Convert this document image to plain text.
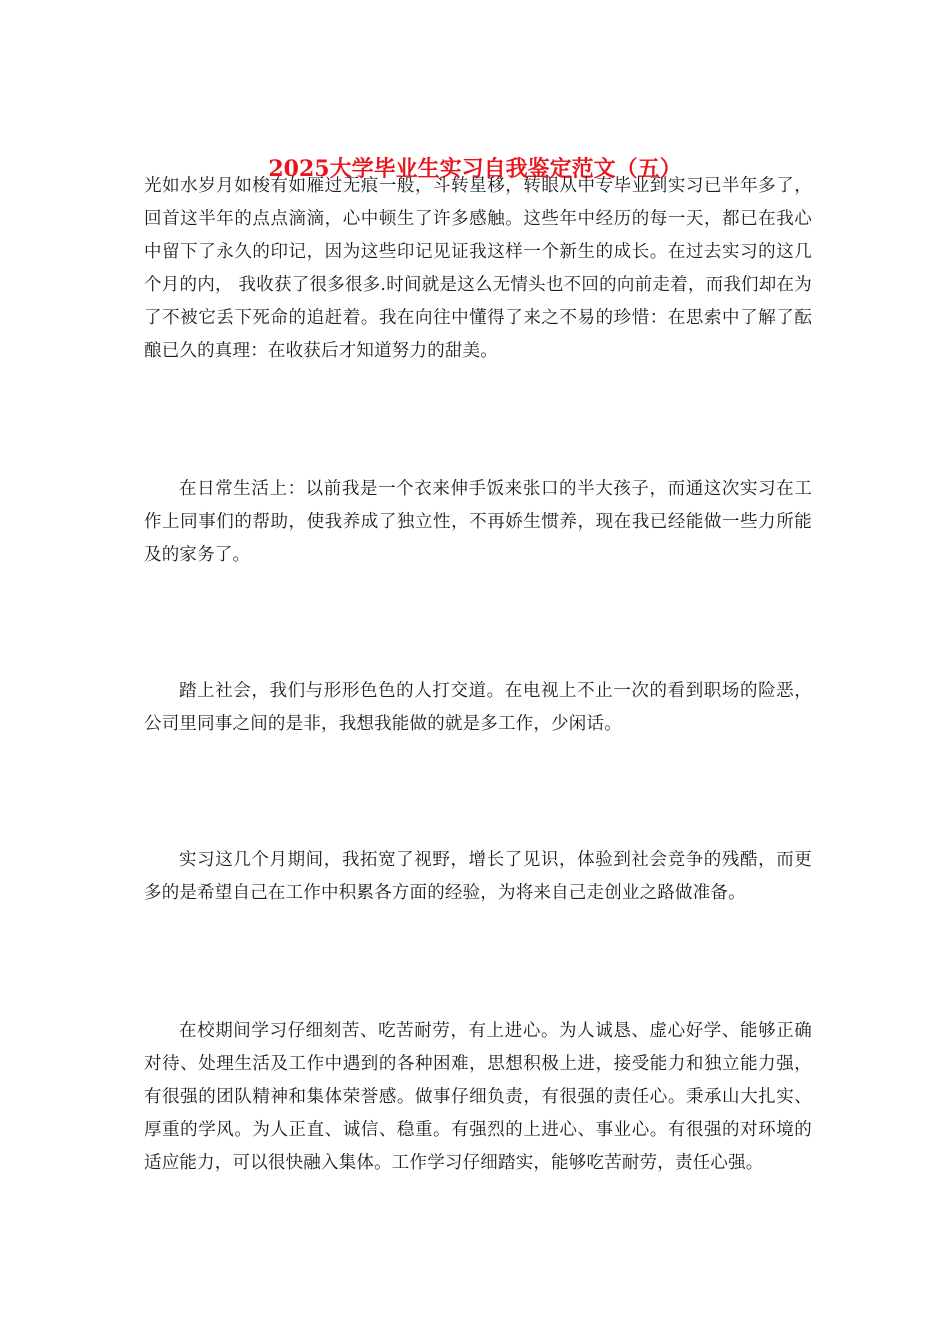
2025大学毕业生实习自我鉴定范文（五）

光如水岁月如梭有如雁过无痕一般，斗转星移，转眼从中专毕业到实习已半年多了，回首这半年的点点滴滴，心中顿生了许多感触。这些年中经历的每一天，都已在我心中留下了永久的印记，因为这些印记见证我这样一个新生的成长。在过去实习的这几个月的内， 我收获了很多很多.时间就是这么无情头也不回的向前走着，而我们却在为了不被它丢下死命的追赶着。我在向往中懂得了来之不易的珍惜：在思索中了解了酝酿已久的真理：在收获后才知道努力的甜美。

在日常生活上：以前我是一个衣来伸手饭来张口的半大孩子，而通这次实习在工作上同事们的帮助，使我养成了独立性，不再娇生惯养，现在我已经能做一些力所能及的家务了。

踏上社会，我们与形形色色的人打交道。在电视上不止一次的看到职场的险恶，公司里同事之间的是非，我想我能做的就是多工作，少闲话。

实习这几个月期间，我拓宽了视野，增长了见识，体验到社会竞争的残酷，而更多的是希望自己在工作中积累各方面的经验，为将来自己走创业之路做准备。

在校期间学习仔细刻苦、吃苦耐劳，有上进心。为人诚恳、虚心好学、能够正确对待、处理生活及工作中遇到的各种困难，思想积极上进，接受能力和独立能力强，有很强的团队精神和集体荣誉感。做事仔细负责，有很强的责任心。秉承山大扎实、厚重的学风。为人正直、诚信、稳重。有强烈的上进心、事业心。有很强的对环境的适应能力，可以很快融入集体。工作学习仔细踏实，能够吃苦耐劳，责任心强。
